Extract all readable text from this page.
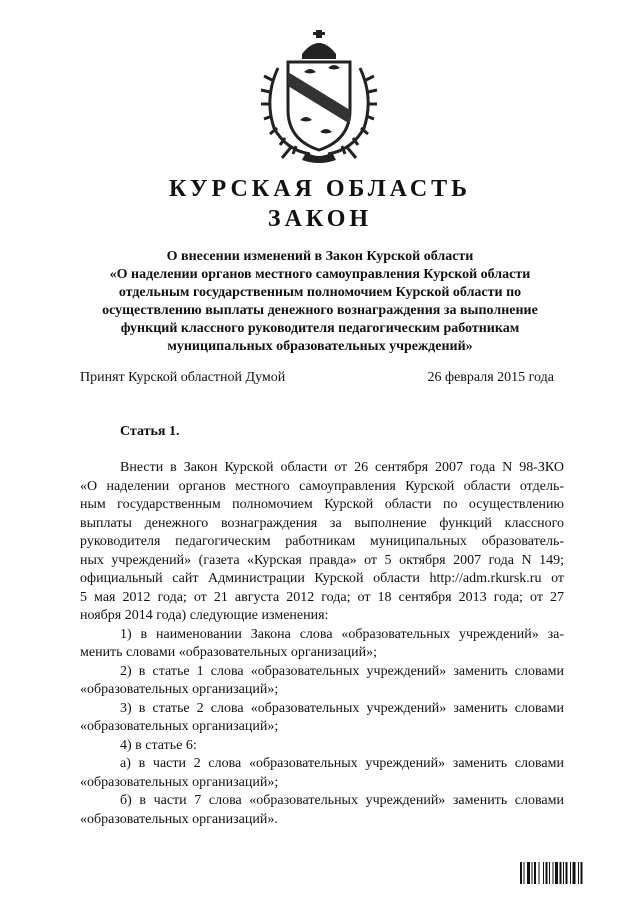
КУРСКАЯ ОБЛАСТЬ
ЗАКОН
О внесении изменений в Закон Курской области
«О наделении органов местного самоуправления Курской области
отдельным государственным полномочием Курской области по
осуществлению выплаты денежного вознаграждения за выполнение
функций классного руководителя педагогическим работникам
муниципальных образовательных учреждений»
Принят Курской областной Думой	26 февраля 2015 года
Статья 1.
Внести в Закон Курской области от 26 сентября 2007 года N 98-ЗКО
«О наделении органов местного самоуправления Курской области отдель-
ным государственным полномочием Курской области по осуществлению
выплаты денежного вознаграждения за выполнение функций классного
руководителя педагогическим работникам муниципальных образователь-
ных учреждений» (газета «Курская правда» от 5 октября 2007 года N 149;
официальный сайт Администрации Курской области http://adm.rkursk.ru от
5 мая 2012 года; от 21 августа 2012 года; от 18 сентября 2013 года; от 27
ноября 2014 года) следующие изменения:
1) в наименовании Закона слова «образовательных учреждений» за-
менить словами «образовательных организаций»;
2) в статье 1 слова «образовательных учреждений» заменить словами
«образовательных организаций»;
3) в статье 2 слова «образовательных учреждений» заменить словами
«образовательных организаций»;
4) в статье 6:
а) в части 2 слова «образовательных учреждений» заменить словами
«образовательных организаций»;
б) в части 7 слова «образовательных учреждений» заменить словами
«образовательных организаций».
